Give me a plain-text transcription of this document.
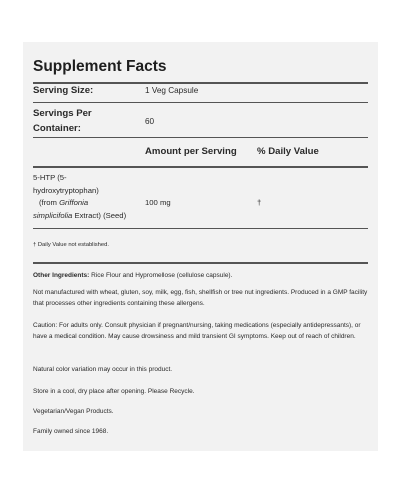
Supplement Facts
Serving Size:	1 Veg Capsule
Servings Per
Container:
60
Amount per Serving % Daily Value
5-HTP (5-
hydroxytryptophan)
(from Griffonia
simplicifolia Extract) (Seed)
100 mg	†
† Daily Value not established.
Other Ingredients: Rice Flour and Hypromellose (cellulose capsule).
Not manufactured with wheat, gluten, soy, milk, egg, fish, shellfish or tree nut ingredients. Produced in a GMP facility that processes other ingredients containing these allergens.
Caution: For adults only. Consult physician if pregnant/nursing, taking medications (especially antidepressants), or have a medical condition. May cause drowsiness and mild transient GI symptoms. Keep out of reach of children.
Natural color variation may occur in this product.
Store in a cool, dry place after opening. Please Recycle.
Vegetarian/Vegan Products.
Family owned since 1968.
